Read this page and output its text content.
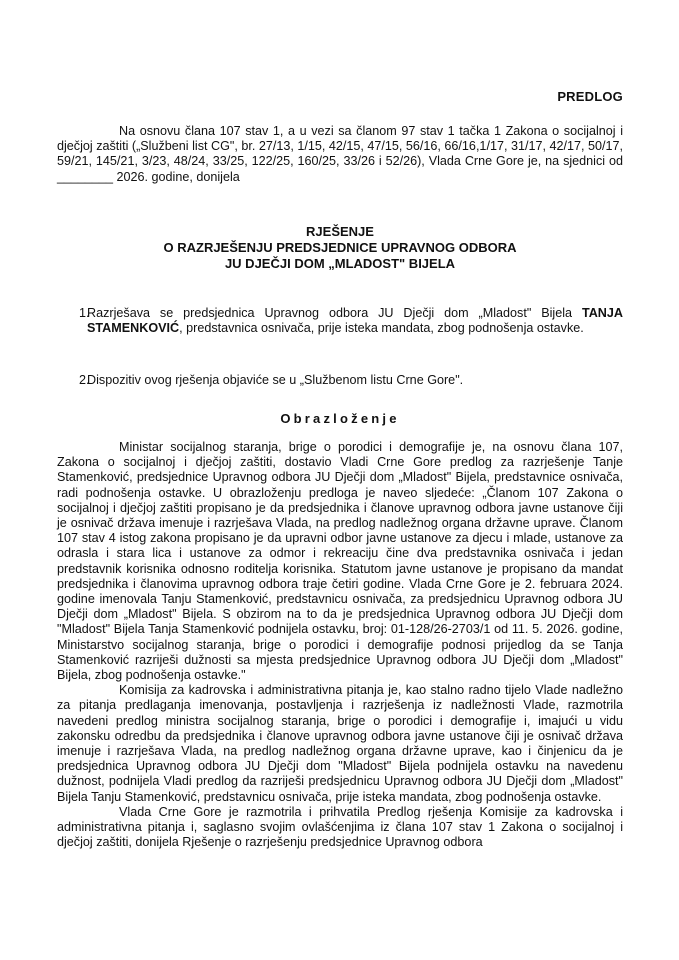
PREDLOG
Na osnovu člana 107 stav 1, a u vezi sa članom 97 stav 1 tačka 1 Zakona o socijalnoj i dječjoj zaštiti („Službeni list CG", br. 27/13, 1/15, 42/15, 47/15, 56/16, 66/16,1/17, 31/17, 42/17, 50/17, 59/21, 145/21, 3/23, 48/24, 33/25, 122/25, 160/25, 33/26 i 52/26), Vlada Crne Gore je, na sjednici od ________ 2026. godine, donijela
RJEŠENJE
O RAZRJEŠENJU PREDSJEDNICE UPRAVNOG ODBORA
JU DJEČJI DOM „MLADOST" BIJELA
1.
Razrješava se predsjednica Upravnog odbora JU Dječji dom „Mladost" Bijela TANJA STAMENKOVIĆ, predstavnica osnivača, prije isteka mandata, zbog podnošenja ostavke.
2.
Dispozitiv ovog rješenja objaviće se u „Službenom listu Crne Gore".
Obrazloženje

Ministar socijalnog staranja, brige o porodici i demografije je, na osnovu člana 107, Zakona o socijalnoj i dječjoj zaštiti, dostavio Vladi Crne Gore predlog za razrješenje Tanje Stamenković, predsjednice Upravnog odbora JU Dječji dom „Mladost" Bijela, predstavnice osnivača, radi podnošenja ostavke. U obrazloženju predloga je naveo sljedeće: „Članom 107 Zakona o socijalnoj i dječjoj zaštiti propisano je da predsjednika i članove upravnog odbora javne ustanove čiji je osnivač država imenuje i razrješava Vlada, na predlog nadležnog organa državne uprave. Članom 107 stav 4 istog zakona propisano je da upravni odbor javne ustanove za djecu i mlade, ustanove za odrasla i stara lica i ustanove za odmor i rekreaciju čine dva predstavnika osnivača i jedan predstavnik korisnika odnosno roditelja korisnika. Statutom javne ustanove je propisano da mandat predsjednika i članovima upravnog odbora traje četiri godine. Vlada Crne Gore je 2. februara 2024. godine imenovala Tanju Stamenković, predstavnicu osnivača, za predsjednicu Upravnog odbora JU Dječji dom „Mladost" Bijela. S obzirom na to da je predsjednica Upravnog odbora JU Dječji dom "Mladost" Bijela Tanja Stamenković podnijela ostavku, broj: 01-128/26-2703/1 od 11. 5. 2026. godine, Ministarstvo socijalnog staranja, brige o porodici i demografije podnosi prijedlog da se Tanja Stamenković razriješi dužnosti sa mjesta predsjednice Upravnog odbora JU Dječji dom „Mladost" Bijela, zbog podnošenja ostavke."

Komisija za kadrovska i administrativna pitanja je, kao stalno radno tijelo Vlade nadležno za pitanja predlaganja imenovanja, postavljenja i razrješenja iz nadležnosti Vlade, razmotrila navedeni predlog ministra socijalnog staranja, brige o porodici i demografije i, imajući u vidu zakonsku odredbu da predsjednika i članove upravnog odbora javne ustanove čiji je osnivač država imenuje i razrješava Vlada, na predlog nadležnog organa državne uprave, kao i činjenicu da je predsjednica Upravnog odbora JU Dječji dom "Mladost" Bijela podnijela ostavku na navedenu dužnost, podnijela Vladi predlog da razriješi predsjednicu Upravnog odbora JU Dječji dom „Mladost" Bijela Tanju Stamenković, predstavnicu osnivača, prije isteka mandata, zbog podnošenja ostavke.

Vlada Crne Gore je razmotrila i prihvatila Predlog rješenja Komisije za kadrovska i administrativna pitanja i, saglasno svojim ovlašćenjima iz člana 107 stav 1 Zakona o socijalnoj i dječjoj zaštiti, donijela Rješenje o razrješenju predsjednice Upravnog odbora
